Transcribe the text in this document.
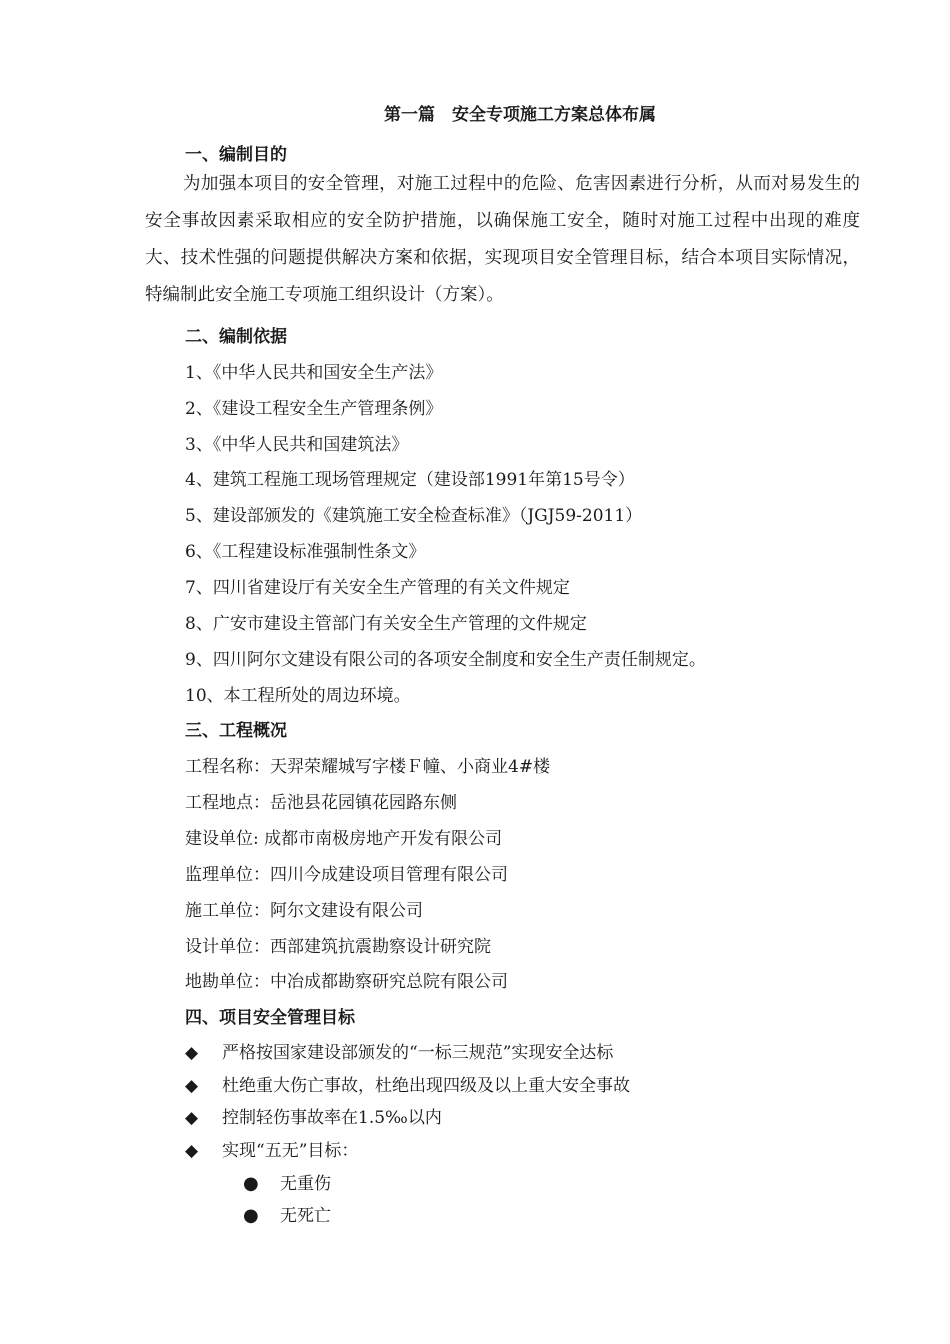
第一篇　安全专项施工方案总体布属
一、编制目的
为加强本项目的安全管理，对施工过程中的危险、危害因素进行分析，从而对易发生的安全事故因素采取相应的安全防护措施，以确保施工安全，随时对施工过程中出现的难度大、技术性强的问题提供解决方案和依据，实现项目安全管理目标，结合本项目实际情况，特编制此安全施工专项施工组织设计（方案）。
二、编制依据
1、《中华人民共和国安全生产法》
2、《建设工程安全生产管理条例》
3、《中华人民共和国建筑法》
4、建筑工程施工现场管理规定（建设部1991年第15号令）
5、建设部颁发的《建筑施工安全检查标准》（JGJ59-2011）
6、《工程建设标准强制性条文》
7、四川省建设厅有关安全生产管理的有关文件规定
8、广安市建设主管部门有关安全生产管理的文件规定
9、四川阿尔文建设有限公司的各项安全制度和安全生产责任制规定。
10、本工程所处的周边环境。
三、工程概况
工程名称：天羿荣耀城写字楼Ｆ幢、小商业4#楼
工程地点：岳池县花园镇花园路东侧
建设单位: 成都市南极房地产开发有限公司
监理单位：四川今成建设项目管理有限公司
施工单位：阿尔文建设有限公司
设计单位：西部建筑抗震勘察设计研究院
地勘单位：中冶成都勘察研究总院有限公司
四、项目安全管理目标
◆ 严格按国家建设部颁发的“一标三规范”实现安全达标
◆ 杜绝重大伤亡事故，杜绝出现四级及以上重大安全事故
◆ 控制轻伤事故率在1.5‰以内
◆ 实现“五无”目标：
● 无重伤
● 无死亡
